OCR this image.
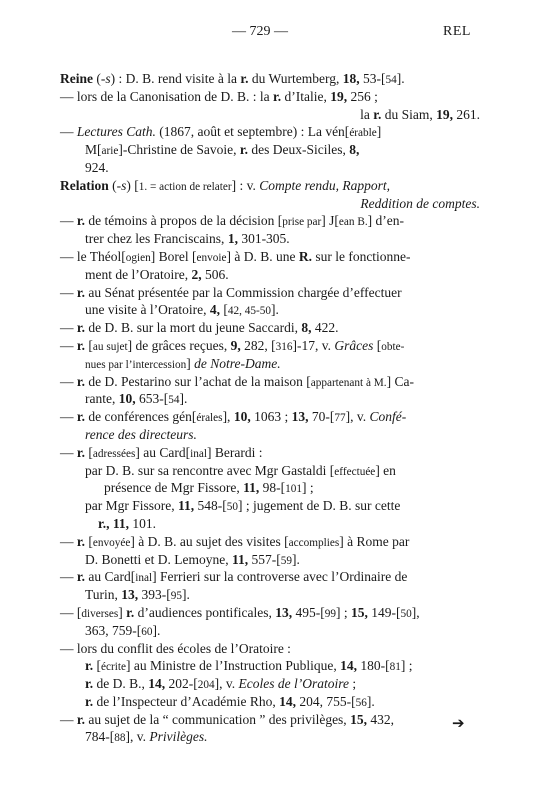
— 729 —	REL
Reine (-s) : D. B. rend visite à la r. du Wurtemberg, 18, 53-[54].
— lors de la Canonisation de D. B. : la r. d’Italie, 19, 256 ;
la r. du Siam, 19, 261.
— Lectures Cath. (1867, août et septembre) : La vén[érable]
M[arie]-Christine de Savoie, r. des Deux-Siciles, 8,
924.
Relation (-s) [1. = action de relater] : v. Compte rendu, Rapport,
Reddition de comptes.
— r. de témoins à propos de la décision [prise par] J[ean B.] d’en-
trer chez les Franciscains, 1, 301-305.
— le Théol[ogien] Borel [envoie] à D. B. une R. sur le fonctionne-
ment de l’Oratoire, 2, 506.
— r. au Sénat présentée par la Commission chargée d’effectuer
une visite à l’Oratoire, 4, [42, 45-50].
— r. de D. B. sur la mort du jeune Saccardi, 8, 422.
— r. [au sujet] de grâces reçues, 9, 282, [316]-17, v. Grâces [obte-
nues par l’intercession] de Notre-Dame.
— r. de D. Pestarino sur l’achat de la maison [appartenant à M.] Ca-
rante, 10, 653-[54].
— r. de conférences gén[érales], 10, 1063 ; 13, 70-[77], v. Confé-
rence des directeurs.
— r. [adressées] au Card[inal] Berardi :
par D. B. sur sa rencontre avec Mgr Gastaldi [effectuée] en
présence de Mgr Fissore, 11, 98-[101] ;
par Mgr Fissore, 11, 548-[50] ; jugement de D. B. sur cette
r., 11, 101.
— r. [envoyée] à D. B. au sujet des visites [accomplies] à Rome par
D. Bonetti et D. Lemoyne, 11, 557-[59].
— r. au Card[inal] Ferrieri sur la controverse avec l’Ordinaire de
Turin, 13, 393-[95].
— [diverses] r. d’audiences pontificales, 13, 495-[99] ; 15, 149-[50],
363, 759-[60].
— lors du conflit des écoles de l’Oratoire :
r. [écrite] au Ministre de l’Instruction Publique, 14, 180-[81] ;
r. de D. B., 14, 202-[204], v. Ecoles de l’Oratoire ;
r. de l’Inspecteur d’Académie Rho, 14, 204, 755-[56].
— r. au sujet de la “ communication ” des privilèges, 15, 432,
784-[88], v. Privilèges.
➔
